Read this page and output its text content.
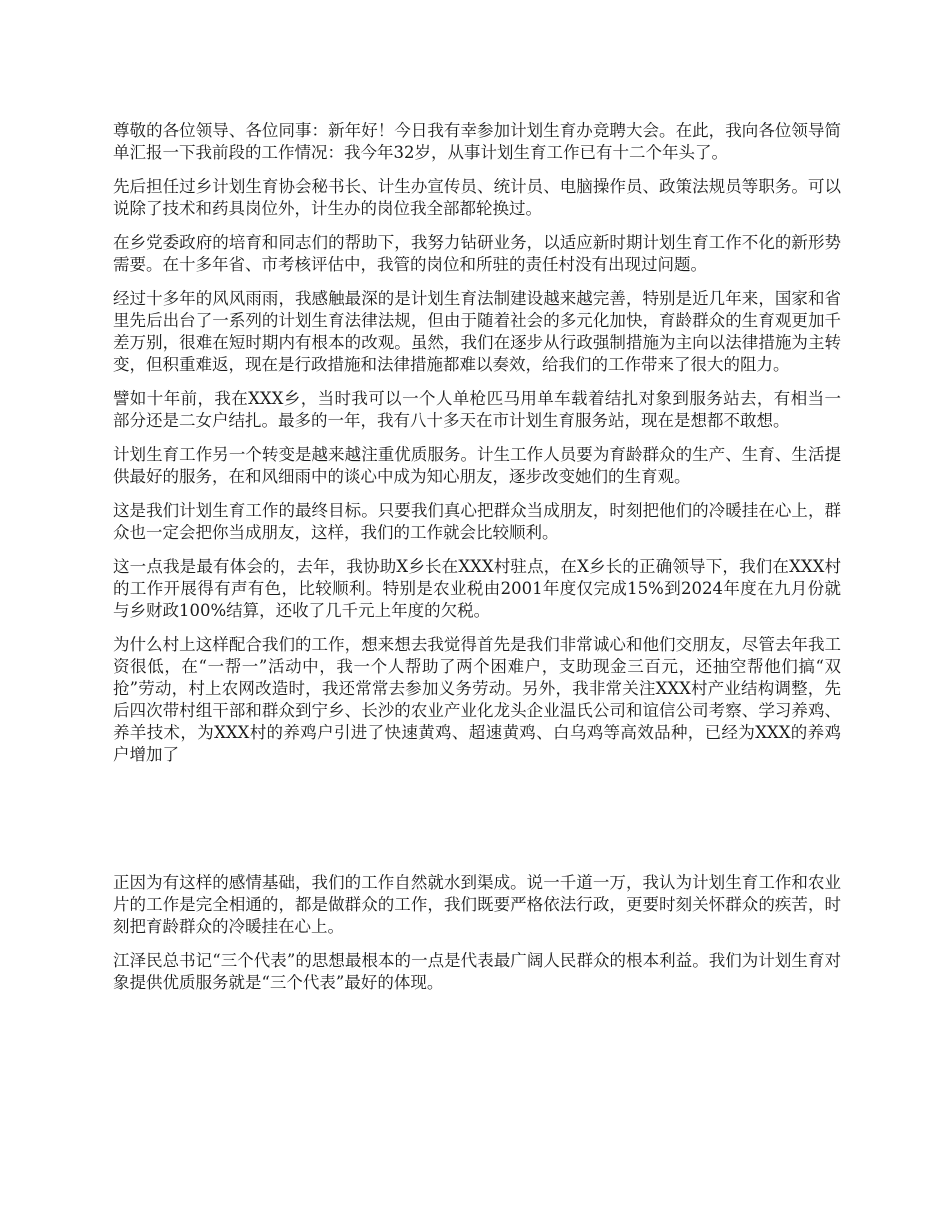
尊敬的各位领导、各位同事：新年好！今日我有幸参加计划生育办竞聘大会。在此，我向各位领导简单汇报一下我前段的工作情况：我今年32岁，从事计划生育工作已有十二个年头了。

先后担任过乡计划生育协会秘书长、计生办宣传员、统计员、电脑操作员、政策法规员等职务。可以说除了技术和药具岗位外，计生办的岗位我全部都轮换过。

在乡党委政府的培育和同志们的帮助下，我努力钻研业务，以适应新时期计划生育工作不化的新形势需要。在十多年省、市考核评估中，我管的岗位和所驻的责任村没有出现过问题。

经过十多年的风风雨雨，我感触最深的是计划生育法制建设越来越完善，特别是近几年来，国家和省里先后出台了一系列的计划生育法律法规，但由于随着社会的多元化加快，育龄群众的生育观更加千差万别，很难在短时期内有根本的改观。虽然，我们在逐步从行政强制措施为主向以法律措施为主转变，但积重难返，现在是行政措施和法律措施都难以奏效，给我们的工作带来了很大的阻力。

譬如十年前，我在XXX乡，当时我可以一个人单枪匹马用单车载着结扎对象到服务站去，有相当一部分还是二女户结扎。最多的一年，我有八十多天在市计划生育服务站，现在是想都不敢想。

计划生育工作另一个转变是越来越注重优质服务。计生工作人员要为育龄群众的生产、生育、生活提供最好的服务，在和风细雨中的谈心中成为知心朋友，逐步改变她们的生育观。

这是我们计划生育工作的最终目标。只要我们真心把群众当成朋友，时刻把他们的冷暖挂在心上，群众也一定会把你当成朋友，这样，我们的工作就会比较顺利。

这一点我是最有体会的，去年，我协助X乡长在XXX村驻点，在X乡长的正确领导下，我们在XXX村的工作开展得有声有色，比较顺利。特别是农业税由2001年度仅完成15%到2024年度在九月份就与乡财政100%结算，还收了几千元上年度的欠税。

为什么村上这样配合我们的工作，想来想去我觉得首先是我们非常诚心和他们交朋友，尽管去年我工资很低，在“一帮一”活动中，我一个人帮助了两个困难户，支助现金三百元，还抽空帮他们搞“双抢”劳动，村上农网改造时，我还常常去参加义务劳动。另外，我非常关注XXX村产业结构调整，先后四次带村组干部和群众到宁乡、长沙的农业产业化龙头企业温氏公司和谊信公司考察、学习养鸡、养羊技术，为XXX村的养鸡户引进了快速黄鸡、超速黄鸡、白乌鸡等高效品种，已经为XXX的养鸡户增加了

正因为有这样的感情基础，我们的工作自然就水到渠成。说一千道一万，我认为计划生育工作和农业片的工作是完全相通的，都是做群众的工作，我们既要严格依法行政，更要时刻关怀群众的疾苦，时刻把育龄群众的冷暖挂在心上。

江泽民总书记“三个代表”的思想最根本的一点是代表最广阔人民群众的根本利益。我们为计划生育对象提供优质服务就是“三个代表”最好的体现。
